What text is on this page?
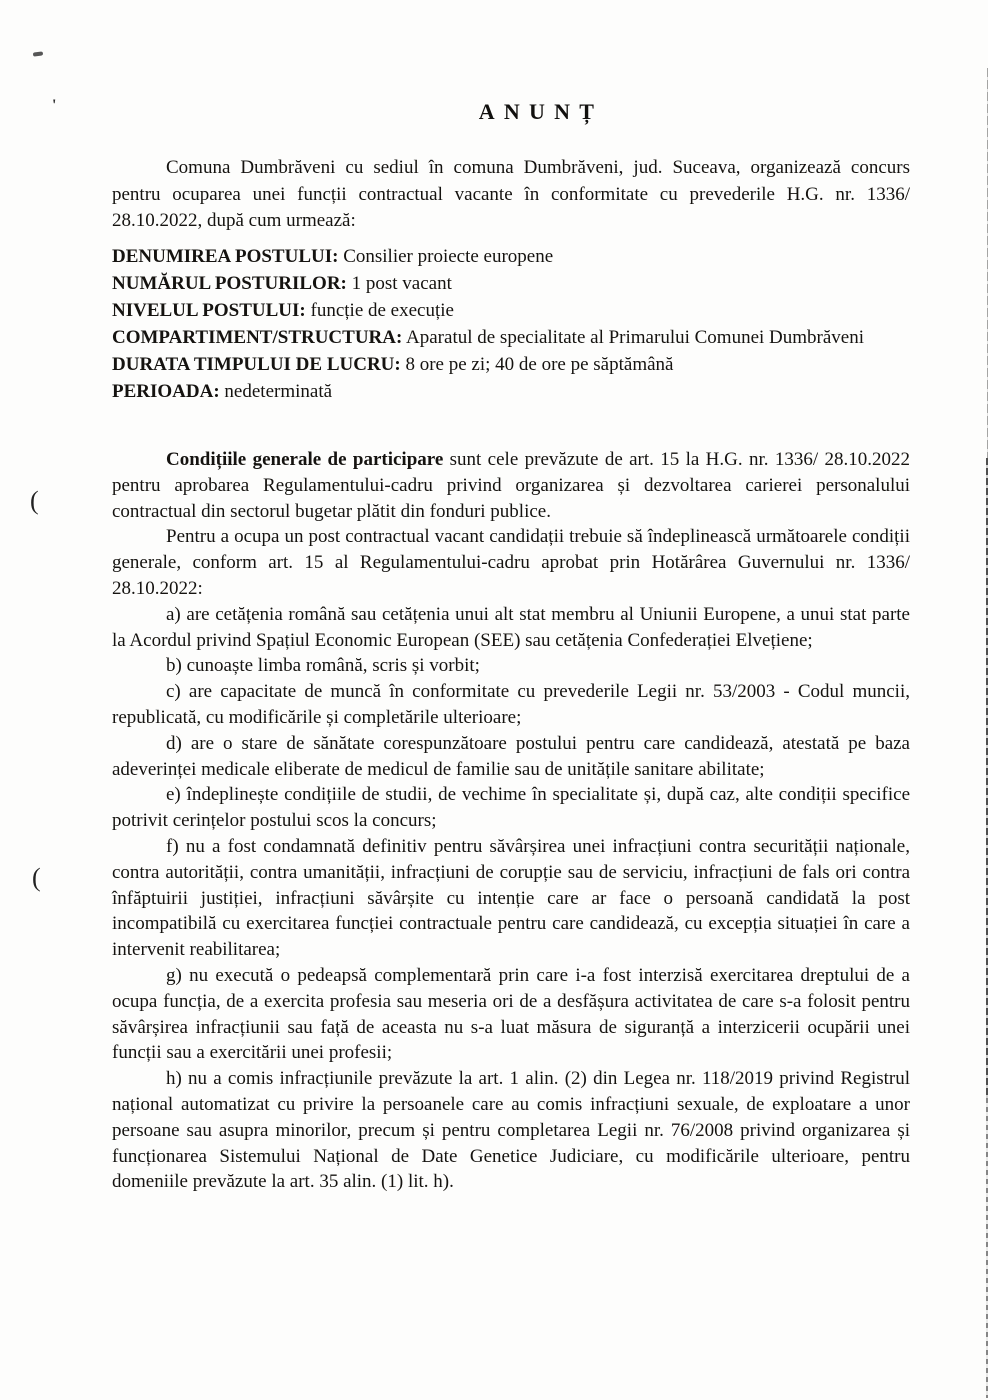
'
(
(
ANUNȚ

Comuna Dumbrăveni cu sediul în comuna Dumbrăveni, jud. Suceava, organizează concurs pentru ocuparea unei funcții contractual vacante în conformitate cu prevederile H.G. nr. 1336/ 28.10.2022, după cum urmează:

DENUMIREA POSTULUI: Consilier proiecte europene
NUMĂRUL POSTURILOR: 1 post vacant
NIVELUL POSTULUI: funcție de execuție
COMPARTIMENT/STRUCTURA: Aparatul de specialitate al Primarului Comunei Dumbrăveni
DURATA TIMPULUI DE LUCRU: 8 ore pe zi; 40 de ore pe săptămână
PERIOADA: nedeterminată

Condițiile generale de participare sunt cele prevăzute de art. 15 la H.G. nr. 1336/ 28.10.2022 pentru aprobarea Regulamentului-cadru privind organizarea și dezvoltarea carierei personalului contractual din sectorul bugetar plătit din fonduri publice.

Pentru a ocupa un post contractual vacant candidații trebuie să îndeplinească următoarele condiții generale, conform art. 15 al Regulamentului-cadru aprobat prin Hotărârea Guvernului nr. 1336/ 28.10.2022:

a) are cetățenia română sau cetățenia unui alt stat membru al Uniunii Europene, a unui stat parte la Acordul privind Spațiul Economic European (SEE) sau cetățenia Confederației Elvețiene;

b) cunoaște limba română, scris și vorbit;

c) are capacitate de muncă în conformitate cu prevederile Legii nr. 53/2003 - Codul muncii, republicată, cu modificările și completările ulterioare;

d) are o stare de sănătate corespunzătoare postului pentru care candidează, atestată pe baza adeverinței medicale eliberate de medicul de familie sau de unitățile sanitare abilitate;

e) îndeplinește condițiile de studii, de vechime în specialitate și, după caz, alte condiții specifice potrivit cerințelor postului scos la concurs;

f) nu a fost condamnată definitiv pentru săvârșirea unei infracțiuni contra securității naționale, contra autorității, contra umanității, infracțiuni de corupție sau de serviciu, infracțiuni de fals ori contra înfăptuirii justiției, infracțiuni săvârșite cu intenție care ar face o persoană candidată la post incompatibilă cu exercitarea funcției contractuale pentru care candidează, cu excepția situației în care a intervenit reabilitarea;

g) nu execută o pedeapsă complementară prin care i-a fost interzisă exercitarea dreptului de a ocupa funcția, de a exercita profesia sau meseria ori de a desfășura activitatea de care s-a folosit pentru săvârșirea infracțiunii sau față de aceasta nu s-a luat măsura de siguranță a interzicerii ocupării unei funcții sau a exercitării unei profesii;

h) nu a comis infracțiunile prevăzute la art. 1 alin. (2) din Legea nr. 118/2019 privind Registrul național automatizat cu privire la persoanele care au comis infracțiuni sexuale, de exploatare a unor persoane sau asupra minorilor, precum și pentru completarea Legii nr. 76/2008 privind organizarea și funcționarea Sistemului Național de Date Genetice Judiciare, cu modificările ulterioare, pentru domeniile prevăzute la art. 35 alin. (1) lit. h).
